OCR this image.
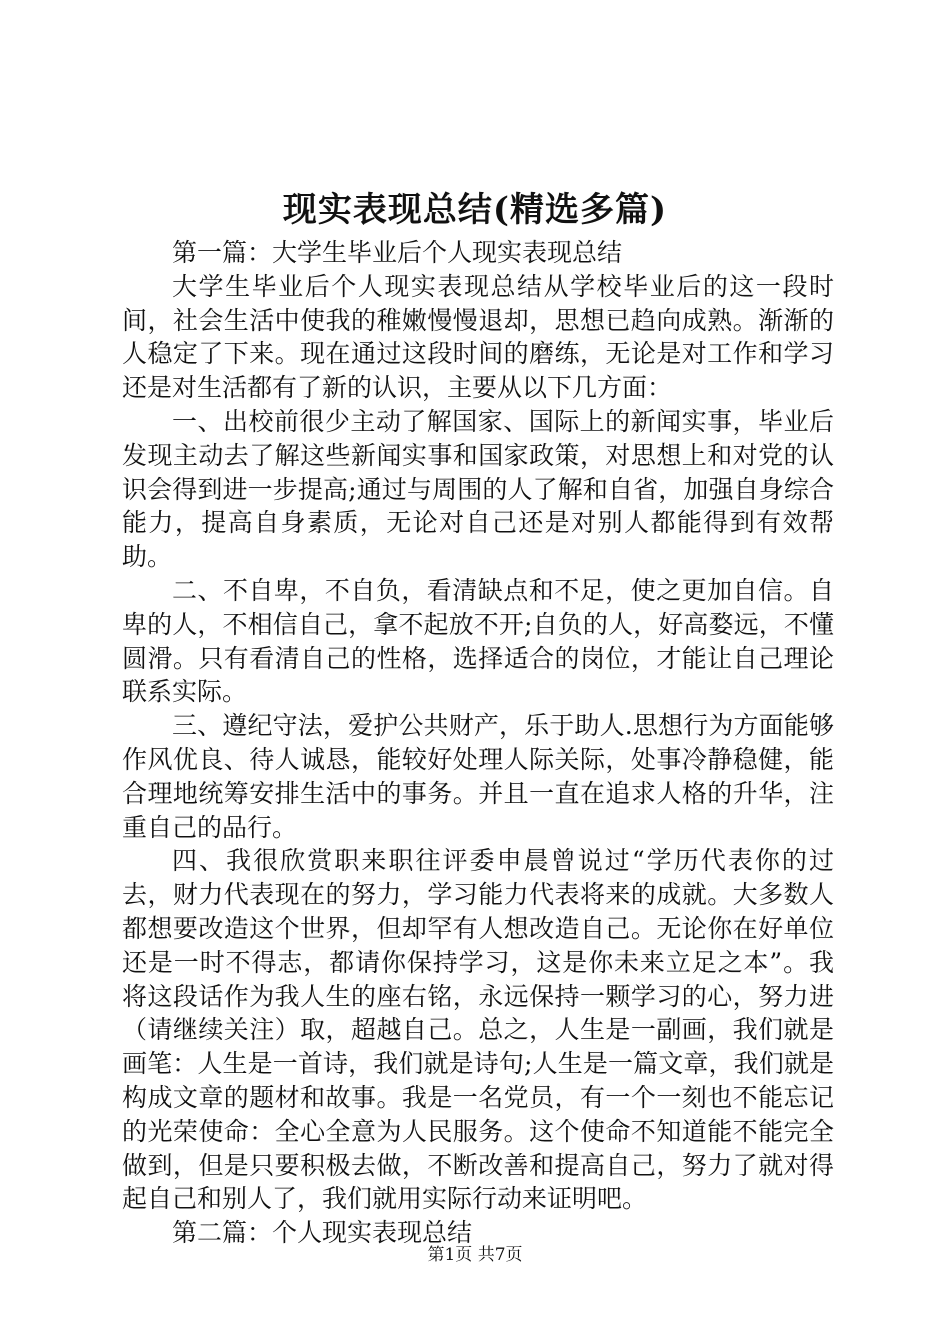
现实表现总结(精选多篇)

第一篇：大学生毕业后个人现实表现总结

大学生毕业后个人现实表现总结从学校毕业后的这一段时间，社会生活中使我的稚嫩慢慢退却，思想已趋向成熟。渐渐的人稳定了下来。现在通过这段时间的磨练，无论是对工作和学习还是对生活都有了新的认识，主要从以下几方面：

一、出校前很少主动了解国家、国际上的新闻实事，毕业后发现主动去了解这些新闻实事和国家政策，对思想上和对党的认识会得到进一步提高;通过与周围的人了解和自省，加强自身综合能力，提高自身素质，无论对自己还是对别人都能得到有效帮助。

二、不自卑，不自负，看清缺点和不足，使之更加自信。自卑的人，不相信自己，拿不起放不开;自负的人，好高婺远，不懂圆滑。只有看清自己的性格，选择适合的岗位，才能让自己理论联系实际。

三、遵纪守法，爱护公共财产，乐于助人.思想行为方面能够作风优良、待人诚恳，能较好处理人际关际，处事冷静稳健，能合理地统筹安排生活中的事务。并且一直在追求人格的升华，注重自己的品行。

四、我很欣赏职来职往评委申晨曾说过“学历代表你的过去，财力代表现在的努力，学习能力代表将来的成就。大多数人都想要改造这个世界，但却罕有人想改造自己。无论你在好单位还是一时不得志，都请你保持学习，这是你未来立足之本”。我将这段话作为我人生的座右铭，永远保持一颗学习的心，努力进（请继续关注）取，超越自己。总之，人生是一副画，我们就是画笔：人生是一首诗，我们就是诗句;人生是一篇文章，我们就是构成文章的题材和故事。我是一名党员，有一个一刻也不能忘记的光荣使命：全心全意为人民服务。这个使命不知道能不能完全做到，但是只要积极去做，不断改善和提高自己，努力了就对得起自己和别人了，我们就用实际行动来证明吧。

第二篇：个人现实表现总结

第1页 共7页
